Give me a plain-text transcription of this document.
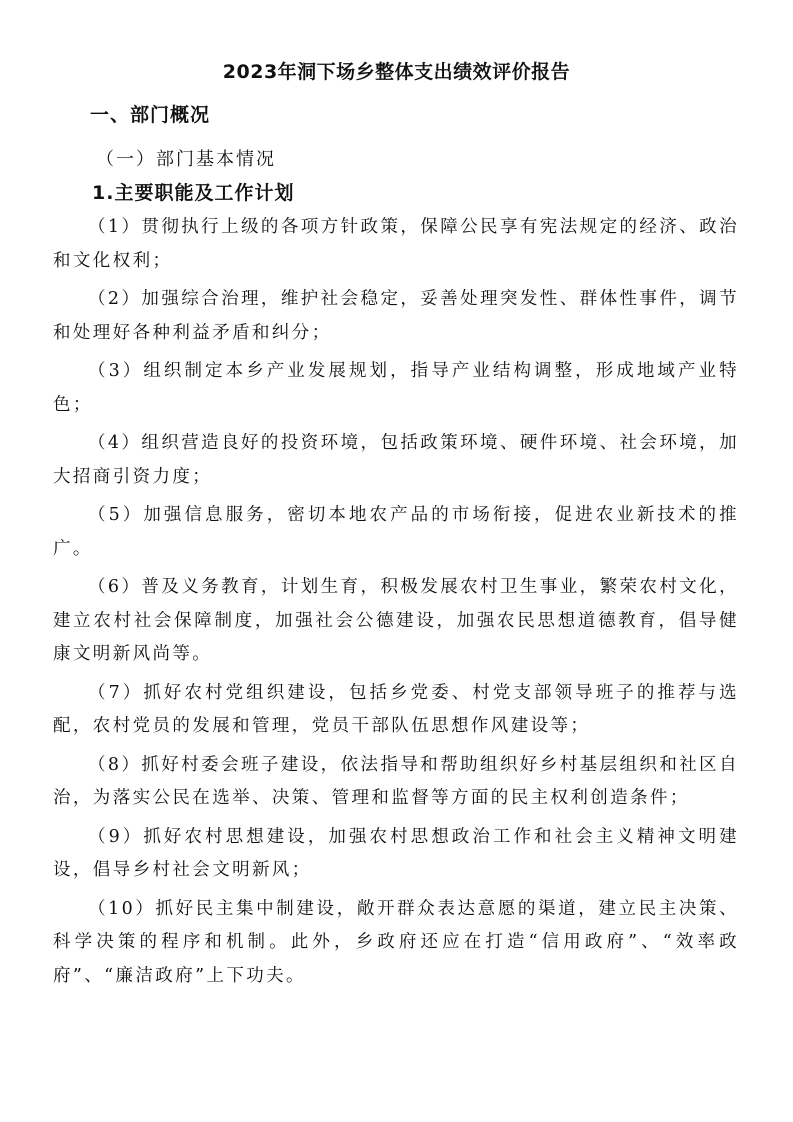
2023年洞下场乡整体支出绩效评价报告
一、部门概况
（一）部门基本情况
1.主要职能及工作计划

（1）贯彻执行上级的各项方针政策，保障公民享有宪法规定的经济、政治和文化权利；

（2）加强综合治理，维护社会稳定，妥善处理突发性、群体性事件，调节和处理好各种利益矛盾和纠分；

（3）组织制定本乡产业发展规划，指导产业结构调整，形成地域产业特色；

（4）组织营造良好的投资环境，包括政策环境、硬件环境、社会环境，加大招商引资力度；

（5）加强信息服务，密切本地农产品的市场衔接，促进农业新技术的推广。

（6）普及义务教育，计划生育，积极发展农村卫生事业，繁荣农村文化，建立农村社会保障制度，加强社会公德建设，加强农民思想道德教育，倡导健康文明新风尚等。

（7）抓好农村党组织建设，包括乡党委、村党支部领导班子的推荐与选配，农村党员的发展和管理，党员干部队伍思想作风建设等；

（8）抓好村委会班子建设，依法指导和帮助组织好乡村基层组织和社区自治，为落实公民在选举、决策、管理和监督等方面的民主权利创造条件；

（9）抓好农村思想建设，加强农村思想政治工作和社会主义精神文明建设，倡导乡村社会文明新风；

（10）抓好民主集中制建设，敞开群众表达意愿的渠道，建立民主决策、科学决策的程序和机制。此外，乡政府还应在打造“信用政府”、“效率政府”、“廉洁政府”上下功夫。
